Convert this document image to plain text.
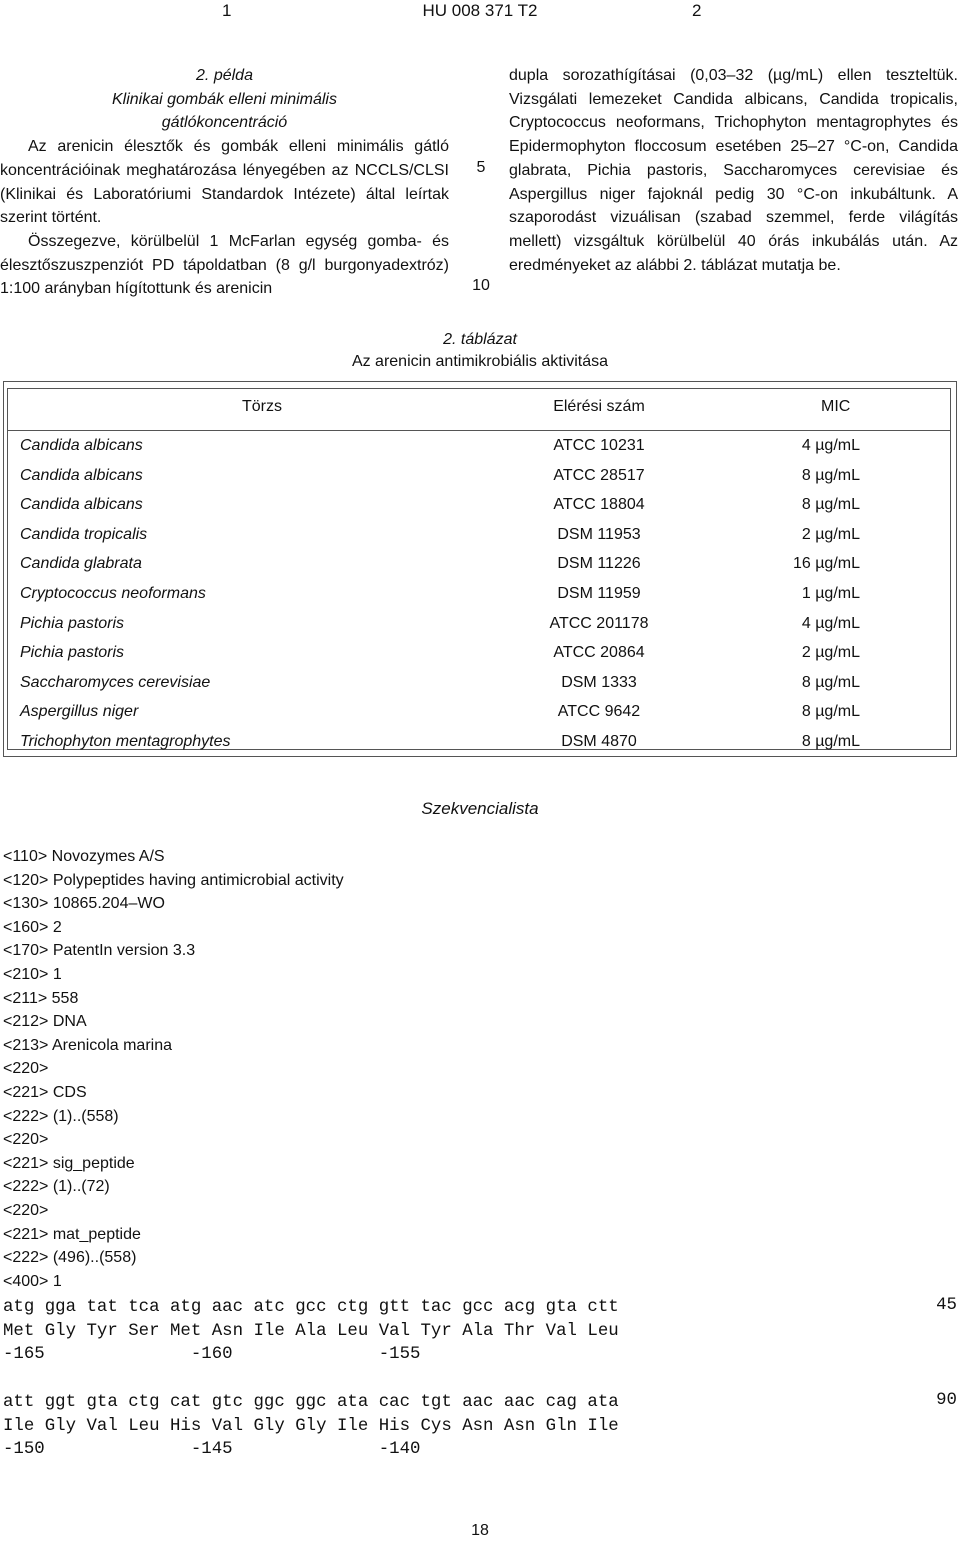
1	HU 008 371 T2	2

2. példa

Klinikai gombák elleni minimális

gátlókoncentráció

Az arenicin élesztők és gombák elleni minimális gátló koncentrációinak meghatározása lényegében az NCCLS/CLSI (Klinikai és Laboratóriumi Standardok Intézete) által leírtak szerint történt.

Összegezve, körülbelül 1 McFarlan egység gomba- és élesztőszuszpenziót PD tápoldatban (8 g/l burgonyadextróz) 1:100 arányban hígítottunk és arenicin

5
10

dupla sorozathígításai (0,03–32 (µg/mL) ellen teszteltük. Vizsgálati lemezeket Candida albicans, Candida tropicalis, Cryptococcus neoformans, Trichophyton mentagrophytes és Epidermophyton floccosum esetében 25–27 °C-on, Candida glabrata, Pichia pastoris, Saccharomyces cerevisiae és Aspergillus niger fajoknál pedig 30 °C-on inkubáltunk. A szaporodást vizuálisan (szabad szemmel, ferde világítás mellett) vizsgáltuk körülbelül 40 órás inkubálás után. Az eredményeket az alábbi 2. táblázat mutatja be.

2. táblázat
Az arenicin antimikrobiális aktivitása
Törzs	Elérési szám	MIC
Candida albicans	ATCC 10231	4 µg/mL
Candida albicans	ATCC 28517	8 µg/mL
Candida albicans	ATCC 18804	8 µg/mL
Candida tropicalis	DSM 11953	2 µg/mL
Candida glabrata	DSM 11226	16 µg/mL
Cryptococcus neoformans	DSM 11959	1 µg/mL
Pichia pastoris	ATCC 201178	4 µg/mL
Pichia pastoris	ATCC 20864	2 µg/mL
Saccharomyces cerevisiae	DSM 1333	8 µg/mL
Aspergillus niger	ATCC 9642	8 µg/mL
Trichophyton mentagrophytes	DSM 4870	8 µg/mL
Szekvencialista
<110> Novozymes A/S
<120> Polypeptides having antimicrobial activity
<130> 10865.204–WO
<160> 2
<170> PatentIn version 3.3
<210> 1
<211> 558
<212> DNA
<213> Arenicola marina
<220>
<221> CDS
<222> (1)..(558)
<220>
<221> sig_peptide
<222> (1)..(72)
<220>
<221> mat_peptide
<222> (496)..(558)
<400> 1
atg gga tat tca atg aac atc gcc ctg gtt tac gcc acg gta ctt
Met Gly Tyr Ser Met Asn Ile Ala Leu Val Tyr Ala Thr Val Leu
-165              -160              -155
45
att ggt gta ctg cat gtc ggc ggc ata cac tgt aac aac cag ata
Ile Gly Val Leu His Val Gly Gly Ile His Cys Asn Asn Gln Ile
-150              -145              -140
90
18
